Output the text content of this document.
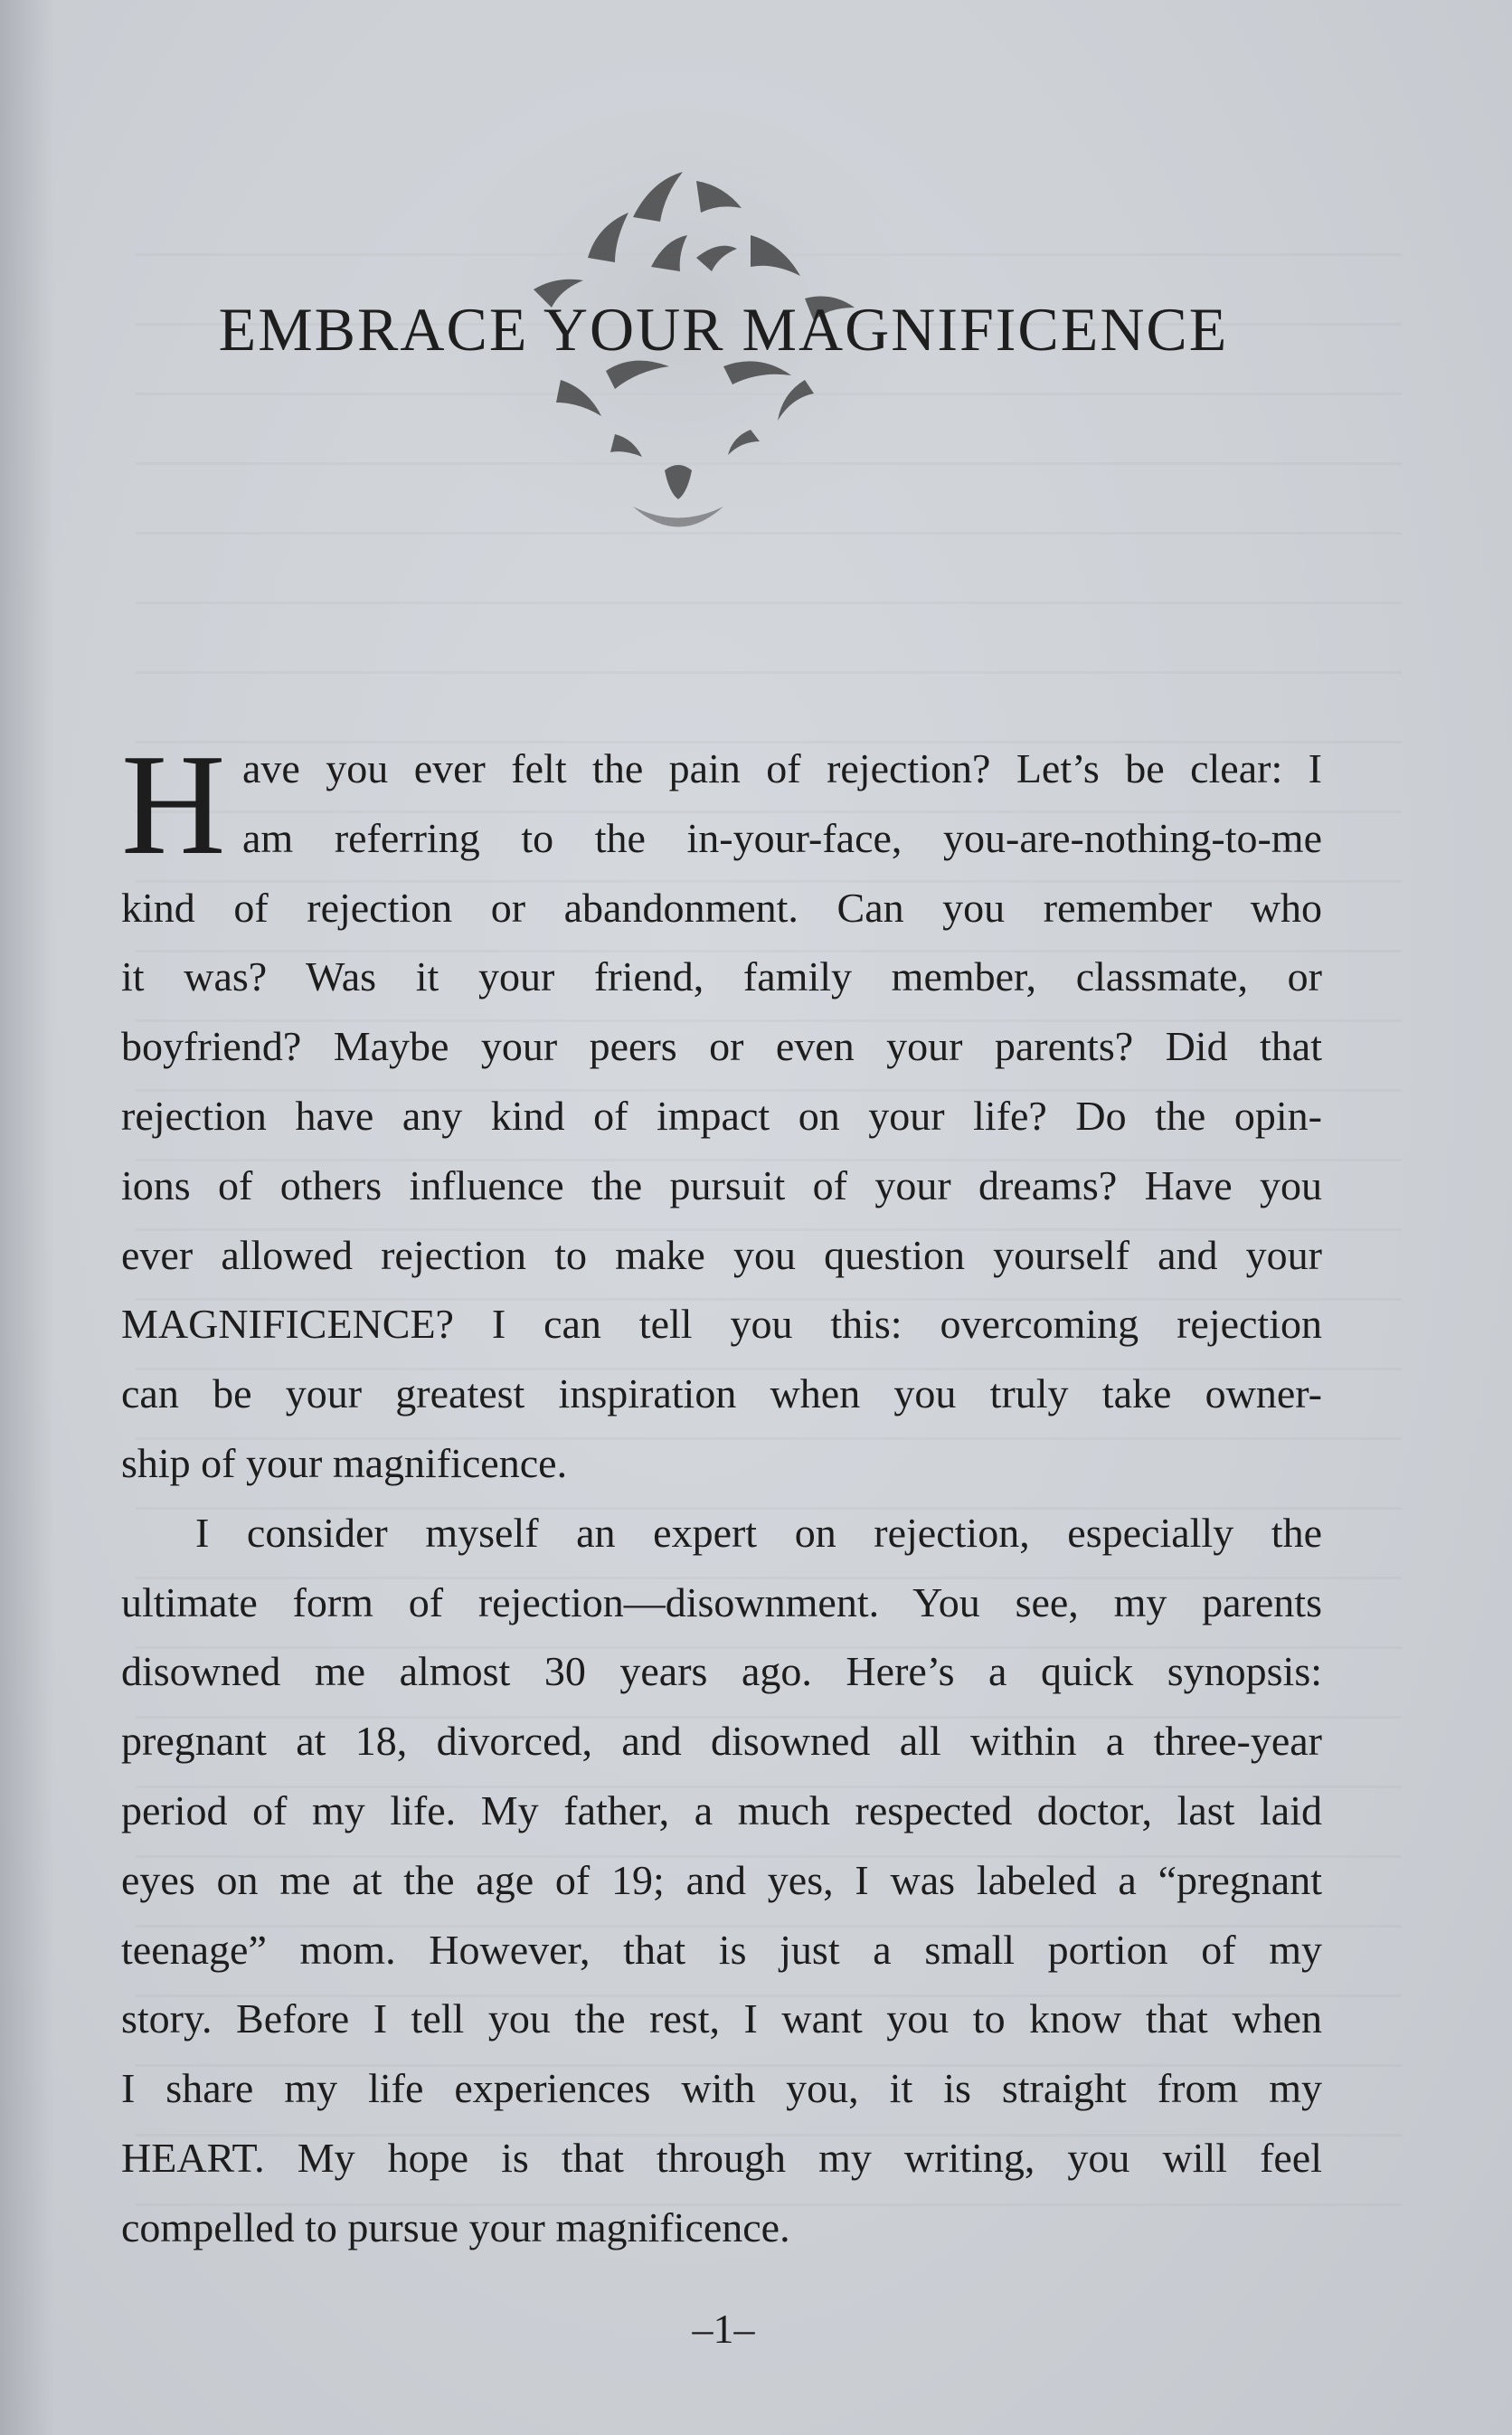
EMBRACE YOUR MAGNIFICENCE
H ave you ever felt the pain of rejection? Let’s be clear: I
am referring to the in-your-face, you-are-nothing-to-me
kind of rejection or abandonment. Can you remember who
it was? Was it your friend, family member, classmate, or
boyfriend? Maybe your peers or even your parents? Did that
rejection have any kind of impact on your life? Do the opin-
ions of others influence the pursuit of your dreams? Have you
ever allowed rejection to make you question yourself and your
MAGNIFICENCE? I can tell you this: overcoming rejection
can be your greatest inspiration when you truly take owner-
ship of your magnificence.
I consider myself an expert on rejection, especially the
ultimate form of rejection—disownment. You see, my parents
disowned me almost 30 years ago. Here’s a quick synopsis:
pregnant at 18, divorced, and disowned all within a three-year
period of my life. My father, a much respected doctor, last laid
eyes on me at the age of 19; and yes, I was labeled a “pregnant
teenage” mom. However, that is just a small portion of my
story. Before I tell you the rest, I want you to know that when
I share my life experiences with you, it is straight from my
HEART. My hope is that through my writing, you will feel
compelled to pursue your magnificence.
–1–
